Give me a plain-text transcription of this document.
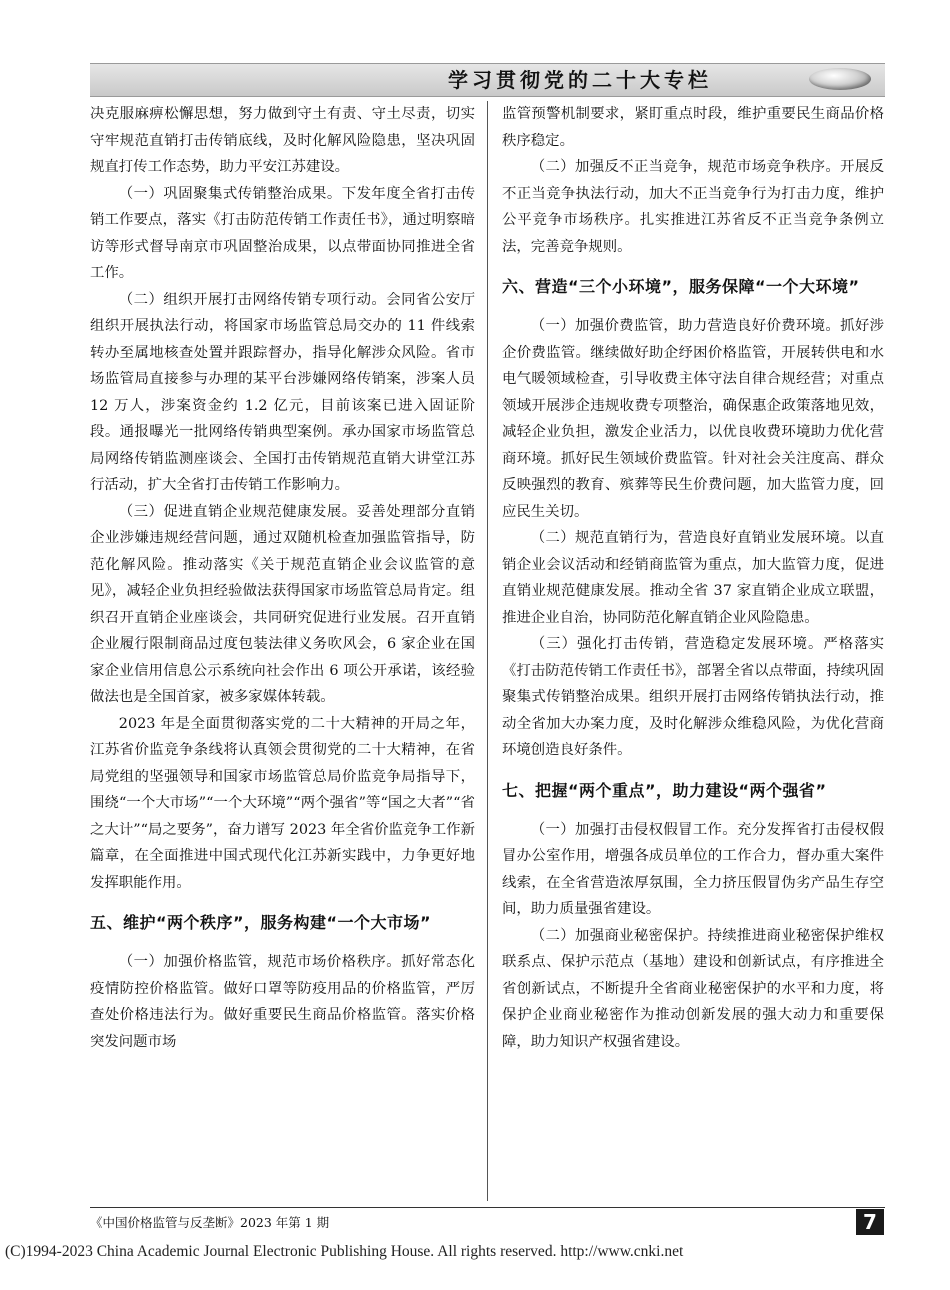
学习贯彻党的二十大专栏

决克服麻痹松懈思想，努力做到守土有责、守土尽责，切实守牢规范直销打击传销底线，及时化解风险隐患，坚决巩固规直打传工作态势，助力平安江苏建设。

（一）巩固聚集式传销整治成果。下发年度全省打击传销工作要点，落实《打击防范传销工作责任书》，通过明察暗访等形式督导南京市巩固整治成果，以点带面协同推进全省工作。

（二）组织开展打击网络传销专项行动。会同省公安厅组织开展执法行动，将国家市场监管总局交办的 11 件线索转办至属地核查处置并跟踪督办，指导化解涉众风险。省市场监管局直接参与办理的某平台涉嫌网络传销案，涉案人员 12 万人，涉案资金约 1.2 亿元，目前该案已进入固证阶段。通报曝光一批网络传销典型案例。承办国家市场监管总局网络传销监测座谈会、全国打击传销规范直销大讲堂江苏行活动，扩大全省打击传销工作影响力。

（三）促进直销企业规范健康发展。妥善处理部分直销企业涉嫌违规经营问题，通过双随机检查加强监管指导，防范化解风险。推动落实《关于规范直销企业会议监管的意见》，减轻企业负担经验做法获得国家市场监管总局肯定。组织召开直销企业座谈会，共同研究促进行业发展。召开直销企业履行限制商品过度包装法律义务吹风会，6 家企业在国家企业信用信息公示系统向社会作出 6 项公开承诺，该经验做法也是全国首家，被多家媒体转载。

2023 年是全面贯彻落实党的二十大精神的开局之年，江苏省价监竞争条线将认真领会贯彻党的二十大精神，在省局党组的坚强领导和国家市场监管总局价监竞争局指导下，围绕“一个大市场”“一个大环境”“两个强省”等“国之大者”“省之大计”“局之要务”，奋力谱写 2023 年全省价监竞争工作新篇章，在全面推进中国式现代化江苏新实践中，力争更好地发挥职能作用。

五、维护“两个秩序”，服务构建“一个大市场”

（一）加强价格监管，规范市场价格秩序。抓好常态化疫情防控价格监管。做好口罩等防疫用品的价格监管，严厉查处价格违法行为。做好重要民生商品价格监管。落实价格突发问题市场

监管预警机制要求，紧盯重点时段，维护重要民生商品价格秩序稳定。

（二）加强反不正当竞争，规范市场竞争秩序。开展反不正当竞争执法行动，加大不正当竞争行为打击力度，维护公平竞争市场秩序。扎实推进江苏省反不正当竞争条例立法，完善竞争规则。

六、营造“三个小环境”，服务保障“一个大环境”

（一）加强价费监管，助力营造良好价费环境。抓好涉企价费监管。继续做好助企纾困价格监管，开展转供电和水电气暖领域检查，引导收费主体守法自律合规经营；对重点领域开展涉企违规收费专项整治，确保惠企政策落地见效，减轻企业负担，激发企业活力，以优良收费环境助力优化营商环境。抓好民生领域价费监管。针对社会关注度高、群众反映强烈的教育、殡葬等民生价费问题，加大监管力度，回应民生关切。

（二）规范直销行为，营造良好直销业发展环境。以直销企业会议活动和经销商监管为重点，加大监管力度，促进直销业规范健康发展。推动全省 37 家直销企业成立联盟，推进企业自治，协同防范化解直销企业风险隐患。

（三）强化打击传销，营造稳定发展环境。严格落实《打击防范传销工作责任书》，部署全省以点带面，持续巩固聚集式传销整治成果。组织开展打击网络传销执法行动，推动全省加大办案力度，及时化解涉众维稳风险，为优化营商环境创造良好条件。

七、把握“两个重点”，助力建设“两个强省”

（一）加强打击侵权假冒工作。充分发挥省打击侵权假冒办公室作用，增强各成员单位的工作合力，督办重大案件线索，在全省营造浓厚氛围，全力挤压假冒伪劣产品生存空间，助力质量强省建设。

（二）加强商业秘密保护。持续推进商业秘密保护维权联系点、保护示范点（基地）建设和创新试点，有序推进全省创新试点，不断提升全省商业秘密保护的水平和力度，将保护企业商业秘密作为推动创新发展的强大动力和重要保障，助力知识产权强省建设。

《中国价格监管与反垄断》2023 年第 1 期	7
(C)1994-2023 China Academic Journal Electronic Publishing House. All rights reserved. http://www.cnki.net
